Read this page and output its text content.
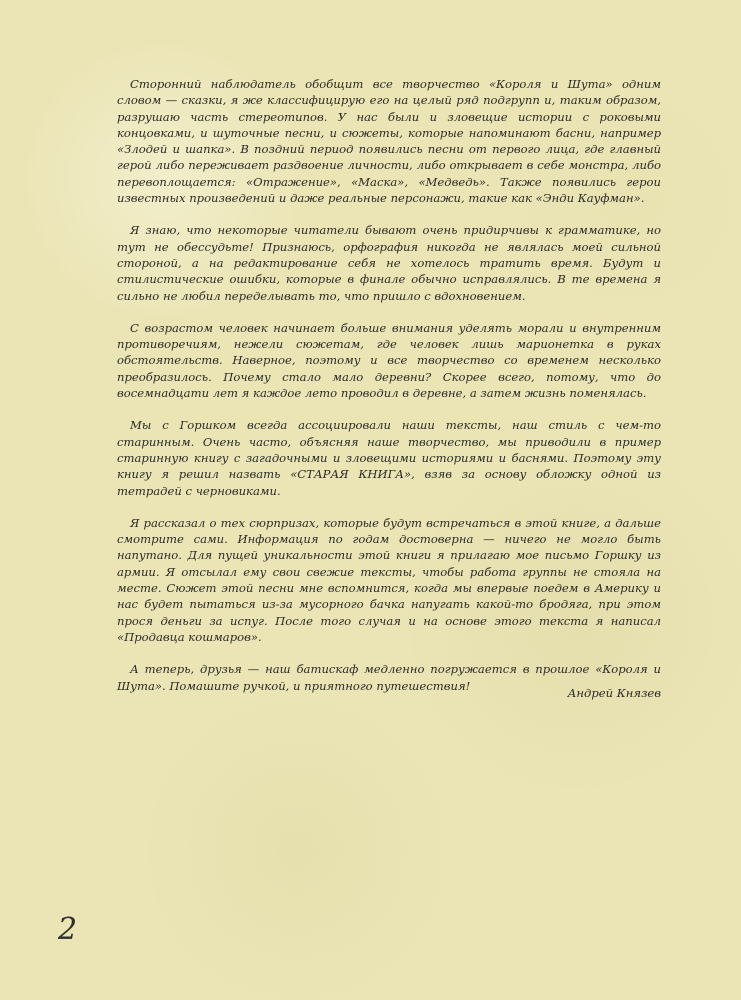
Сторонний наблюдатель обобщит все творчество «Короля и Шута» одним словом — сказки, я же классифицирую его на целый ряд подгрупп и, таким образом, разрушаю часть стереотипов. У нас были и зловещие истории с роковыми концовками, и шуточные песни, и сюжеты, которые напоминают басни, например «Злодей и шапка». В поздний период появились песни от первого лица, где главный герой либо переживает раздвоение личности, либо открывает в себе монстра, либо перевоплощается: «Отражение», «Маска», «Медведь». Также появились герои известных произведений и даже реальные персонажи, такие как «Энди Кауфман».

Я знаю, что некоторые читатели бывают очень придирчивы к грамматике, но тут не обессудьте! Признаюсь, орфография никогда не являлась моей сильной стороной, а на редактирование себя не хотелось тратить время. Будут и стилистические ошибки, которые в финале обычно исправлялись. В те времена я сильно не любил переделывать то, что пришло с вдохновением.

С возрастом человек начинает больше внимания уделять морали и внутренним противоречиям, нежели сюжетам, где человек лишь марионетка в руках обстоятельств. Наверное, поэтому и все творчество со временем несколько преобразилось. Почему стало мало деревни? Скорее всего, потому, что до восемнадцати лет я каждое лето проводил в деревне, а затем жизнь поменялась.

Мы с Горшком всегда ассоциировали наши тексты, наш стиль с чем-то старинным. Очень часто, объясняя наше творчество, мы приводили в пример старинную книгу с загадочными и зловещими историями и баснями. Поэтому эту книгу я решил назвать «СТАРАЯ КНИГА», взяв за основу обложку одной из тетрадей с черновиками.

Я рассказал о тех сюрпризах, которые будут встречаться в этой книге, а дальше смотрите сами. Информация по годам достоверна — ничего не могло быть напутано. Для пущей уникальности этой книги я прилагаю мое письмо Горшку из армии. Я отсылал ему свои свежие тексты, чтобы работа группы не стояла на месте. Сюжет этой песни мне вспомнится, когда мы впервые поедем в Америку и нас будет пытаться из-за мусорного бачка напугать какой-то бродяга, при этом прося деньги за испуг. После того случая и на основе этого текста я написал «Продавца кошмаров».

А теперь, друзья — наш батискаф медленно погружается в прошлое «Короля и Шута». Помашите ручкой, и приятного путешествия!

Андрей Князев
2
